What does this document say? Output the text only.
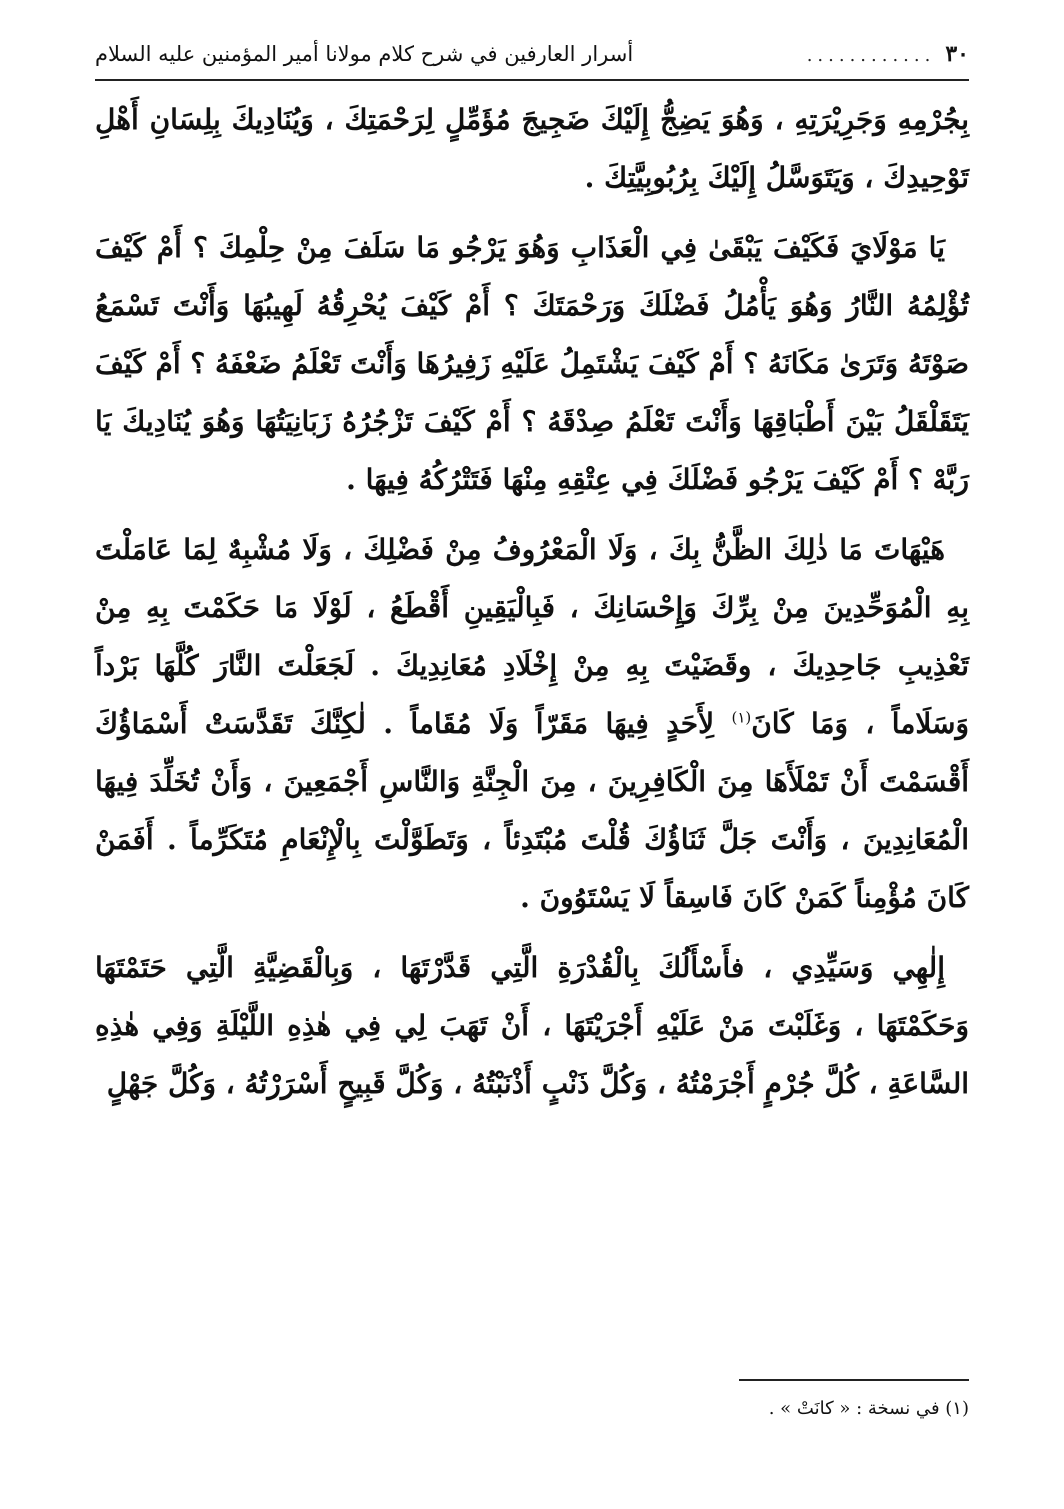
٣٠
............
أسرار العارفين في شرح كلام مولانا أمير المؤمنين عليه السلام

بِجُرْمِهِ وَجَرِيْرَتِهِ ، وَهُوَ يَضِجُّ إِلَيْكَ ضَجِيجَ مُؤَمِّلٍ لِرَحْمَتِكَ ، وَيُنَادِيكَ بِلِسَانِ أَهْلِ تَوْحِيدِكَ ، وَيَتَوَسَّلُ إِلَيْكَ بِرُبُوبِيَّتِكَ .

يَا مَوْلَايَ فَكَيْفَ يَبْقَىٰ فِي الْعَذَابِ وَهُوَ يَرْجُو مَا سَلَفَ مِنْ حِلْمِكَ ؟ أَمْ كَيْفَ تُؤْلِمُهُ النَّارُ وَهُوَ يَأْمُلُ فَضْلَكَ وَرَحْمَتَكَ ؟ أَمْ كَيْفَ يُحْرِقُهُ لَهِيبُهَا وَأَنْتَ تَسْمَعُ صَوْتَهُ وَتَرَىٰ مَكَانَهُ ؟ أَمْ كَيْفَ يَشْتَمِلُ عَلَيْهِ زَفِيرُهَا وَأَنْتَ تَعْلَمُ ضَعْفَهُ ؟ أَمْ كَيْفَ يَتَقَلْقَلُ بَيْنَ أَطْبَاقِهَا وَأَنْتَ تَعْلَمُ صِدْقَهُ ؟ أَمْ كَيْفَ تَزْجُرُهُ زَبَانِيَتُهَا وَهُوَ يُنَادِيكَ يَا رَبَّهْ ؟ أَمْ كَيْفَ يَرْجُو فَضْلَكَ فِي عِتْقِهِ مِنْهَا فَتَتْرُكُهُ فِيهَا .

هَيْهَاتَ مَا ذٰلِكَ الظَّنُّ بِكَ ، وَلَا الْمَعْرُوفُ مِنْ فَضْلِكَ ، وَلَا مُشْبِهٌ لِمَا عَامَلْتَ بِهِ الْمُوَحِّدِينَ مِنْ بِرِّكَ وَإِحْسَانِكَ ، فَبِالْيَقِينِ أَقْطَعُ ، لَوْلَا مَا حَكَمْتَ بِهِ مِنْ تَعْذِيبِ جَاحِدِيكَ ، وقَضَيْتَ بِهِ مِنْ إِخْلَادِ مُعَانِدِيكَ . لَجَعَلْتَ النَّارَ كُلَّهَا بَرْداً وَسَلَاماً ، وَمَا كَانَ$^{(١)}$ لِأَحَدٍ فِيهَا مَقَرّاً وَلَا مُقَاماً . لٰكِنَّكَ تَقَدَّسَتْ أَسْمَاؤُكَ أَقْسَمْتَ أَنْ تَمْلَأَهَا مِنَ الْكَافِرِينَ ، مِنَ الْجِنَّةِ وَالنَّاسِ أَجْمَعِينَ ، وَأَنْ تُخَلِّدَ فِيهَا الْمُعَانِدِينَ ، وَأَنْتَ جَلَّ ثَنَاؤُكَ قُلْتَ مُبْتَدِئاً ، وَتَطَوَّلْتَ بِالْإِنْعَامِ مُتَكَرِّماً . أَفَمَنْ كَانَ مُؤْمِناً كَمَنْ كَانَ فَاسِقاً لَا يَسْتَوُونَ .

إِلٰهِي وَسَيِّدِي ، فأَسْأَلُكَ بِالْقُدْرَةِ الَّتِي قَدَّرْتَهَا ، وَبِالْقَضِيَّةِ الَّتِي حَتَمْتَهَا وَحَكَمْتَهَا ، وَغَلَبْتَ مَنْ عَلَيْهِ أَجْرَيْتَهَا ، أَنْ تَهَبَ لِي فِي هٰذِهِ اللَّيْلَةِ وَفِي هٰذِهِ السَّاعَةِ ، كُلَّ جُرْمٍ أَجْرَمْتُهُ ، وَكُلَّ ذَنْبٍ أَذْنَبْتُهُ ، وَكُلَّ قَبِيحٍ أَسْرَرْتُهُ ، وَكُلَّ جَهْلٍ

(١) في نسخة : « كانَتْ » .
